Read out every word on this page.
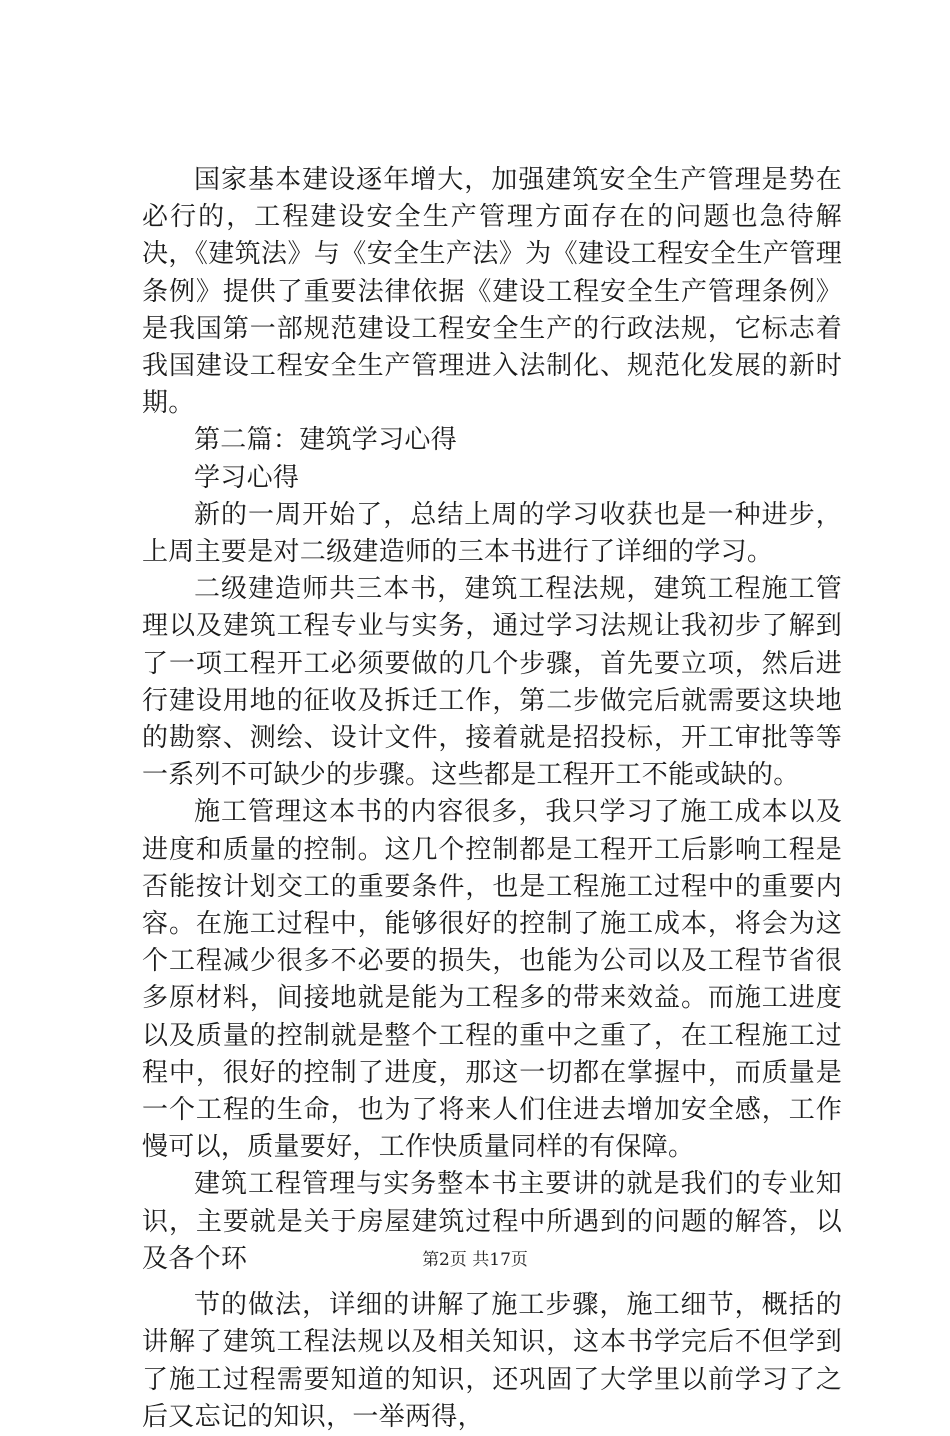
国家基本建设逐年增大，加强建筑安全生产管理是势在必行的，工程建设安全生产管理方面存在的问题也急待解决，《建筑法》与《安全生产法》为《建设工程安全生产管理条例》提供了重要法律依据《建设工程安全生产管理条例》是我国第一部规范建设工程安全生产的行政法规，它标志着我国建设工程安全生产管理进入法制化、规范化发展的新时期。

第二篇：建筑学习心得

学习心得

新的一周开始了，总结上周的学习收获也是一种进步，上周主要是对二级建造师的三本书进行了详细的学习。

二级建造师共三本书，建筑工程法规，建筑工程施工管理以及建筑工程专业与实务，通过学习法规让我初步了解到了一项工程开工必须要做的几个步骤，首先要立项，然后进行建设用地的征收及拆迁工作，第二步做完后就需要这块地的勘察、测绘、设计文件，接着就是招投标，开工审批等等一系列不可缺少的步骤。这些都是工程开工不能或缺的。

施工管理这本书的内容很多，我只学习了施工成本以及进度和质量的控制。这几个控制都是工程开工后影响工程是否能按计划交工的重要条件，也是工程施工过程中的重要内容。在施工过程中，能够很好的控制了施工成本，将会为这个工程减少很多不必要的损失，也能为公司以及工程节省很多原材料，间接地就是能为工程多的带来效益。而施工进度以及质量的控制就是整个工程的重中之重了，在工程施工过程中，很好的控制了进度，那这一切都在掌握中，而质量是一个工程的生命，也为了将来人们住进去增加安全感，工作慢可以，质量要好，工作快质量同样的有保障。

建筑工程管理与实务整本书主要讲的就是我们的专业知识，主要就是关于房屋建筑过程中所遇到的问题的解答，以及各个环

节的做法，详细的讲解了施工步骤，施工细节，概括的讲解了建筑工程法规以及相关知识，这本书学完后不但学到了施工过程需要知道的知识，还巩固了大学里以前学习了之后又忘记的知识，一举两得，

第2页 共17页
